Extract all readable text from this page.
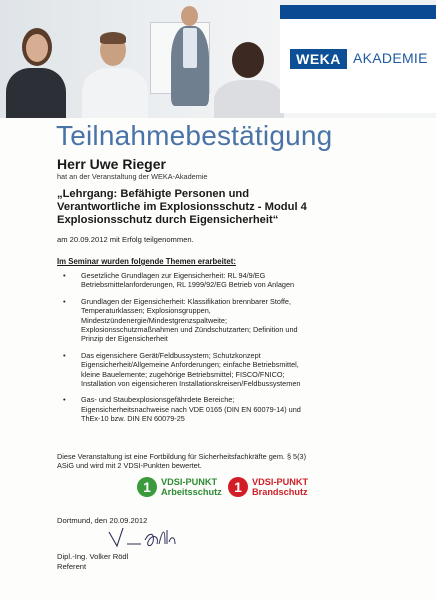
WEKA AKADEMIE
Teilnahmebestätigung
Herr Uwe Rieger
hat an der Veranstaltung der WEKA-Akademie
„Lehrgang: Befähigte Personen und
Verantwortliche im Explosionsschutz - Modul 4
Explosionsschutz durch Eigensicherheit“
am 20.09.2012 mit Erfolg teilgenommen.
Im Seminar wurden folgende Themen erarbeitet:
• Gesetzliche Grundlagen zur Eigensicherheit: RL 94/9/EG
Betriebsmittelanforderungen, RL 1999/92/EG Betrieb von Anlagen
• Grundlagen der Eigensicherheit: Klassifikation brennbarer Stoffe,
Temperaturklassen; Explosionsgruppen,
Mindestzündenergie/Mindestgrenzspaltweite;
Explosionsschutzmaßnahmen und Zündschutzarten; Definition und
Prinzip der Eigensicherheit
• Das eigensichere Gerät/Feldbussystem; Schutzkonzept
Eigensicherheit/Allgemeine Anforderungen; einfache Betriebsmittel,
kleine Bauelemente; zugehörige Betriebsmittel; FISCO/FNICO;
Installation von eigensicheren Installationskreisen/Feldbussystemen
• Gas- und Staubexplosionsgefährdete Bereiche;
Eigensicherheitsnachweise nach VDE 0165 (DIN EN 60079-14) und
ThEx-10 bzw. DIN EN 60079-25
Diese Veranstaltung ist eine Fortbildung für Sicherheitsfachkräfte gem. § 5(3)
ASiG und wird mit 2 VDSI-Punkten bewertet.
1	VDSI-PUNKT
Arbeitsschutz 1	VDSI-PUNKT
Brandschutz
Dortmund, den 20.09.2012
Dipl.-Ing. Volker Rödl
Referent
